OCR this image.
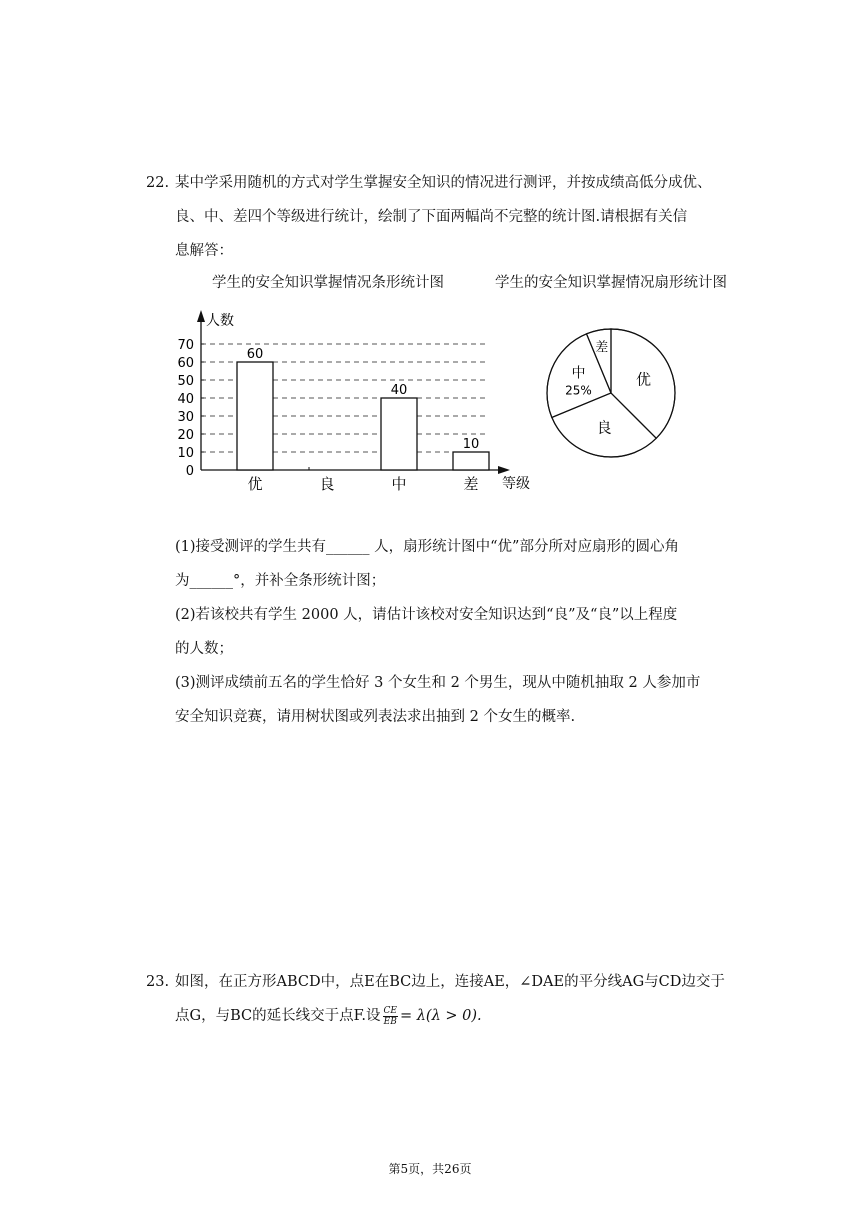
22. 某中学采用随机的方式对学生掌握安全知识的情况进行测评，并按成绩高低分成优、
良、中、差四个等级进行统计，绘制了下面两幅尚不完整的统计图.请根据有关信
息解答：
学生的安全知识掌握情况条形统计图	学生的安全知识掌握情况扇形统计图
0
10
20
30
40
50
60
70
60
40
10
优	良	中	差
人数
等级
优
良
中
25%
差
(1)接受测评的学生共有______ 人，扇形统计图中“优”部分所对应扇形的圆心角
为______°，并补全条形统计图；
(2)若该校共有学生 2000 人，请估计该校对安全知识达到“良”及“良”以上程度
的人数；
(3)测评成绩前五名的学生恰好 3 个女生和 2 个男生，现从中随机抽取 2 人参加市
安全知识竞赛，请用树状图或列表法求出抽到 2 个女生的概率.
23. 如图，在正方形ABCD中，点E在BC边上，连接AE，∠DAE的平分线AG与CD边交于
点G，与BC的延长线交于点F.设 $\frac{CE}{EB} = \lambda(\lambda > 0)$.
第5页，共26页
